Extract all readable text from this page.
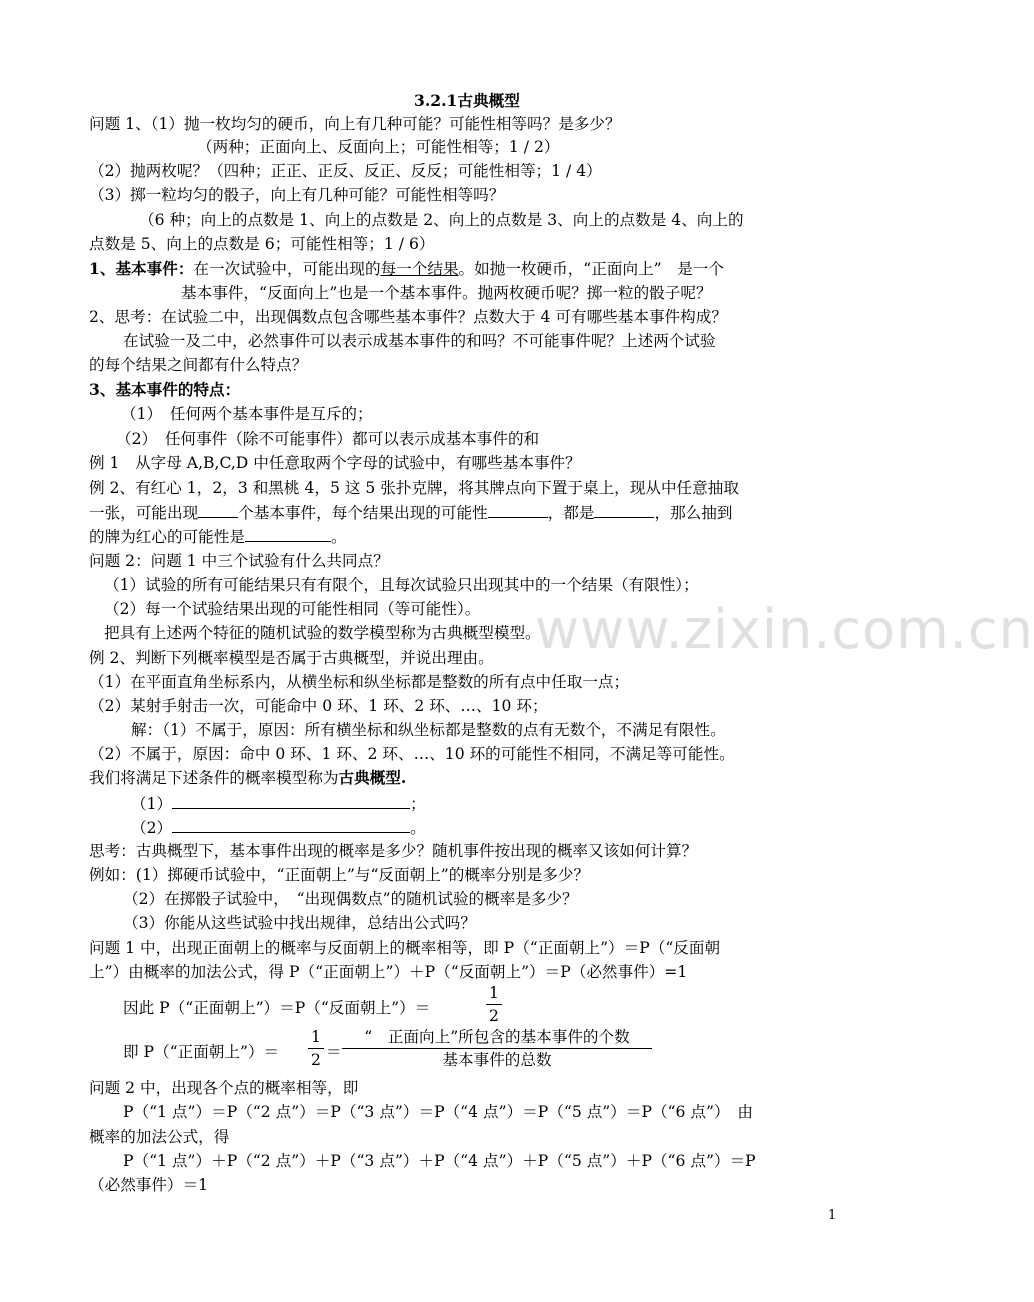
www.zixin.com.cn
3.2.1古典概型
问题 1、（1）抛一枚均匀的硬币，向上有几种可能？可能性相等吗？是多少？
（两种；正面向上、反面向上；可能性相等；1 / 2）
（2）抛两枚呢？（四种；正正、正反、反正、反反；可能性相等；1 / 4）
（3）掷一粒均匀的骰子，向上有几种可能？可能性相等吗？
（6 种；向上的点数是 1、向上的点数是 2、向上的点数是 3、向上的点数是 4、向上的
点数是 5、向上的点数是 6；可能性相等；1 / 6）
1、基本事件：在一次试验中，可能出现的每一个结果。如抛一枚硬币，“正面向上”　是一个
基本事件，“反面向上”也是一个基本事件。抛两枚硬币呢？掷一粒的骰子呢？
2、思考：在试验二中，出现偶数点包含哪些基本事件？点数大于 4 可有哪些基本事件构成？
在试验一及二中，必然事件可以表示成基本事件的和吗？不可能事件呢？上述两个试验
的每个结果之间都有什么特点？
3、基本事件的特点：
（1）　任何两个基本事件是互斥的；
（2）　任何事件（除不可能事件）都可以表示成基本事件的和
例 1　从字母 A,B,C,D 中任意取两个字母的试验中，有哪些基本事件？
例 2、有红心 1，2，3 和黑桃 4，5 这 5 张扑克牌，将其牌点向下置于桌上，现从中任意抽取
一张，可能出现	个基本事件，每个结果出现的可能性	，都是	，那么抽到
的牌为红心的可能性是	。
问题 2：问题 1 中三个试验有什么共同点？
（1）试验的所有可能结果只有有限个，且每次试验只出现其中的一个结果（有限性）；
（2）每一个试验结果出现的可能性相同（等可能性）。
把具有上述两个特征的随机试验的数学模型称为古典概型模型。
例 2、判断下列概率模型是否属于古典概型，并说出理由。
（1）在平面直角坐标系内，从横坐标和纵坐标都是整数的所有点中任取一点；
（2）某射手射击一次，可能命中 0 环、1 环、2 环、…、10 环；
解：（1）不属于，原因：所有横坐标和纵坐标都是整数的点有无数个，不满足有限性。
（2）不属于，原因：命中 0 环、1 环、2 环、…、10 环的可能性不相同，不满足等可能性。
我们将满足下述条件的概率模型称为古典概型.
（1）	；
（2）	。
思考：古典概型下，基本事件出现的概率是多少？随机事件按出现的概率又该如何计算？
例如：(1）掷硬币试验中，“正面朝上”与“反面朝上”的概率分别是多少？
（2）在掷骰子试验中，　“出现偶数点”的随机试验的概率是多少？
（3）你能从这些试验中找出规律，总结出公式吗？
问题 1 中，出现正面朝上的概率与反面朝上的概率相等，即 P（“正面朝上”）＝P（“反面朝
上”）由概率的加法公式，得 P（“正面朝上”）＋P（“反面朝上”）＝P（必然事件）=1
因此 P（“正面朝上”）＝P（“反面朝上”）＝
1
2
即 P（“正面朝上”）＝
1
2 ＝
“　正面向上”所包含的基本事件的个数
基本事件的总数
问题 2 中，出现各个点的概率相等，即
P（“1 点”）＝P（“2 点”）＝P（“3 点”）＝P（“4 点”）＝P（“5 点”）＝P（“6 点”）　由
概率的加法公式，得
P（“1 点”）＋P（“2 点”）＋P（“3 点”）＋P（“4 点”）＋P（“5 点”）＋P（“6 点”）＝P
（必然事件）＝1
1
